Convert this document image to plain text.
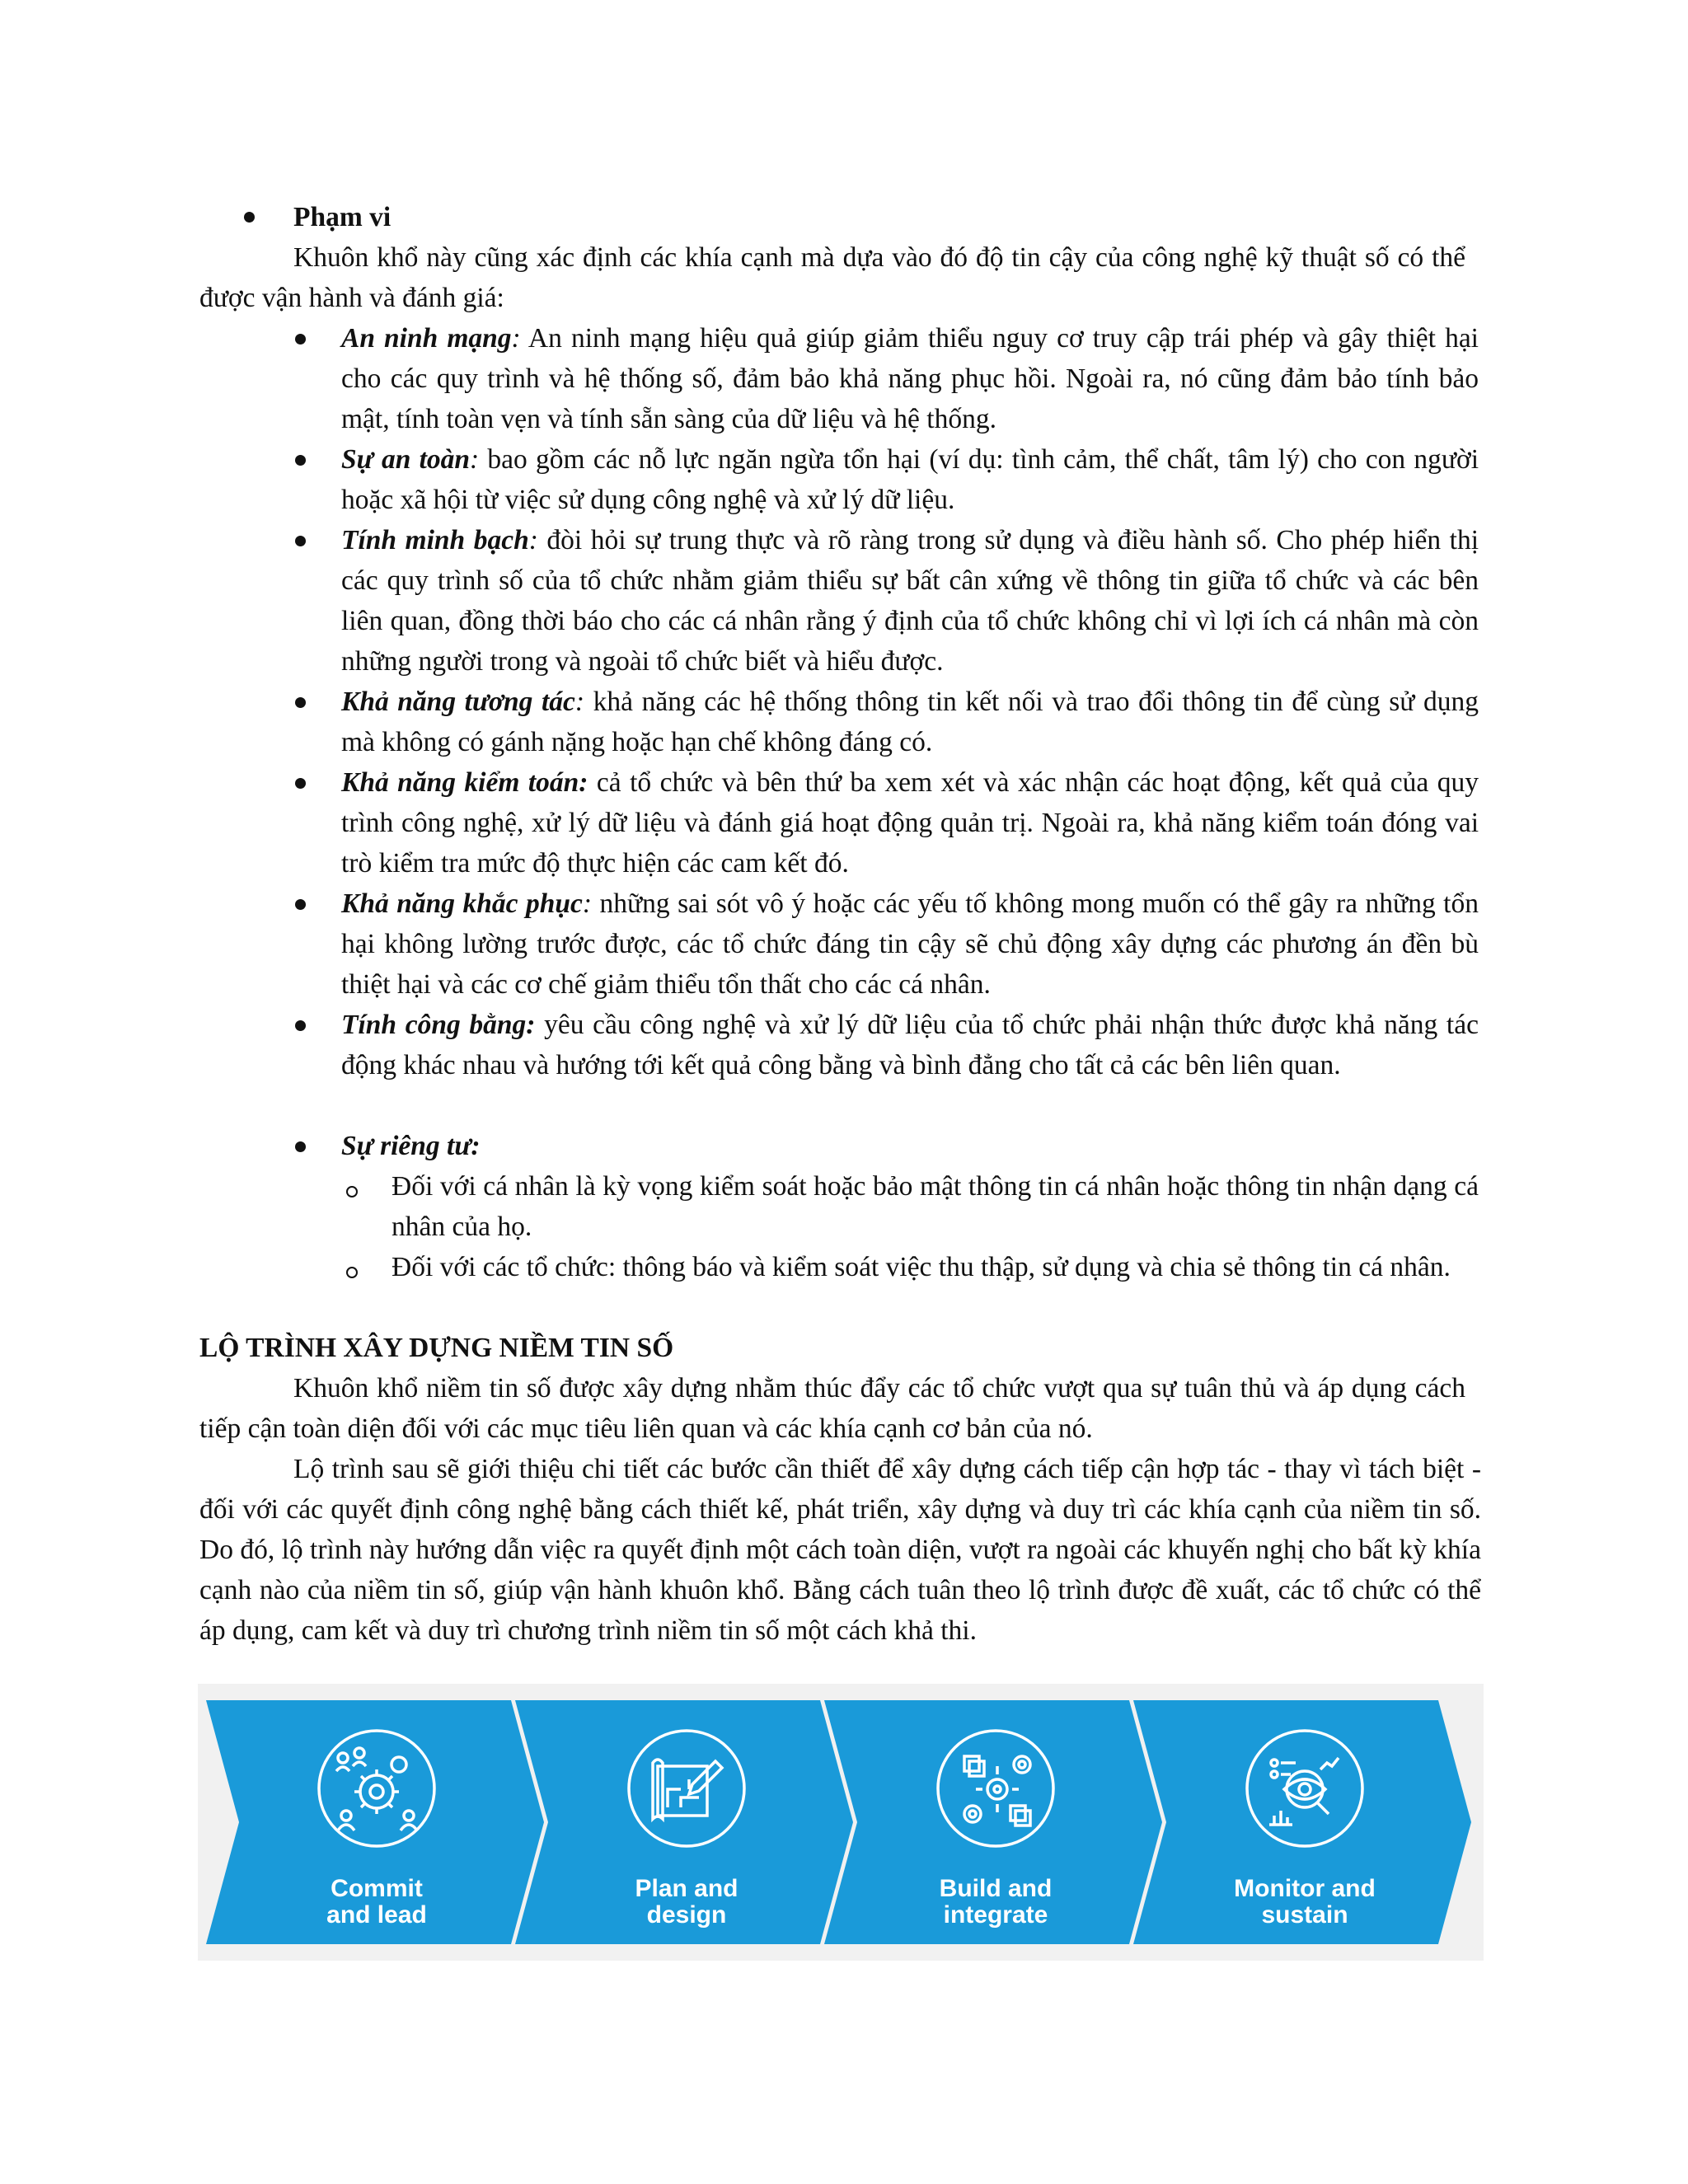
Phạm vi

Khuôn khổ này cũng xác định các khía cạnh mà dựa vào đó độ tin cậy của công nghệ kỹ thuật số có thể được vận hành và đánh giá:

An ninh mạng: An ninh mạng hiệu quả giúp giảm thiểu nguy cơ truy cập trái phép và gây thiệt hại cho các quy trình và hệ thống số, đảm bảo khả năng phục hồi. Ngoài ra, nó cũng đảm bảo tính bảo mật, tính toàn vẹn và tính sẵn sàng của dữ liệu và hệ thống.

Sự an toàn: bao gồm các nỗ lực ngăn ngừa tổn hại (ví dụ: tình cảm, thể chất, tâm lý) cho con người hoặc xã hội từ việc sử dụng công nghệ và xử lý dữ liệu.

Tính minh bạch: đòi hỏi sự trung thực và rõ ràng trong sử dụng và điều hành số. Cho phép hiển thị các quy trình số của tổ chức nhằm giảm thiểu sự bất cân xứng về thông tin giữa tổ chức và các bên liên quan, đồng thời báo cho các cá nhân rằng ý định của tổ chức không chỉ vì lợi ích cá nhân mà còn những người trong và ngoài tổ chức biết và hiểu được.

Khả năng tương tác: khả năng các hệ thống thông tin kết nối và trao đổi thông tin để cùng sử dụng mà không có gánh nặng hoặc hạn chế không đáng có.

Khả năng kiểm toán: cả tổ chức và bên thứ ba xem xét và xác nhận các hoạt động, kết quả của quy trình công nghệ, xử lý dữ liệu và đánh giá hoạt động quản trị. Ngoài ra, khả năng kiểm toán đóng vai trò kiểm tra mức độ thực hiện các cam kết đó.

Khả năng khắc phục: những sai sót vô ý hoặc các yếu tố không mong muốn có thể gây ra những tổn hại không lường trước được, các tổ chức đáng tin cậy sẽ chủ động xây dựng các phương án đền bù thiệt hại và các cơ chế giảm thiểu tổn thất cho các cá nhân.

Tính công bằng: yêu cầu công nghệ và xử lý dữ liệu của tổ chức phải nhận thức được khả năng tác động khác nhau và hướng tới kết quả công bằng và bình đẳng cho tất cả các bên liên quan.

Sự riêng tư:

Đối với cá nhân là kỳ vọng kiểm soát hoặc bảo mật thông tin cá nhân hoặc thông tin nhận dạng cá nhân của họ.

Đối với các tổ chức: thông báo và kiểm soát việc thu thập, sử dụng và chia sẻ thông tin cá nhân.

LỘ TRÌNH XÂY DỰNG NIỀM TIN SỐ

Khuôn khổ niềm tin số được xây dựng nhằm thúc đẩy các tổ chức vượt qua sự tuân thủ và áp dụng cách tiếp cận toàn diện đối với các mục tiêu liên quan và các khía cạnh cơ bản của nó.

Lộ trình sau sẽ giới thiệu chi tiết các bước cần thiết để xây dựng cách tiếp cận hợp tác - thay vì tách biệt - đối với các quyết định công nghệ bằng cách thiết kế, phát triển, xây dựng và duy trì các khía cạnh của niềm tin số. Do đó, lộ trình này hướng dẫn việc ra quyết định một cách toàn diện, vượt ra ngoài các khuyến nghị cho bất kỳ khía cạnh nào của niềm tin số, giúp vận hành khuôn khổ. Bằng cách tuân theo lộ trình được đề xuất, các tổ chức có thể áp dụng, cam kết và duy trì chương trình niềm tin số một cách khả thi.

Commit
and lead
Plan and
design
Build and
integrate
Monitor and
sustain
